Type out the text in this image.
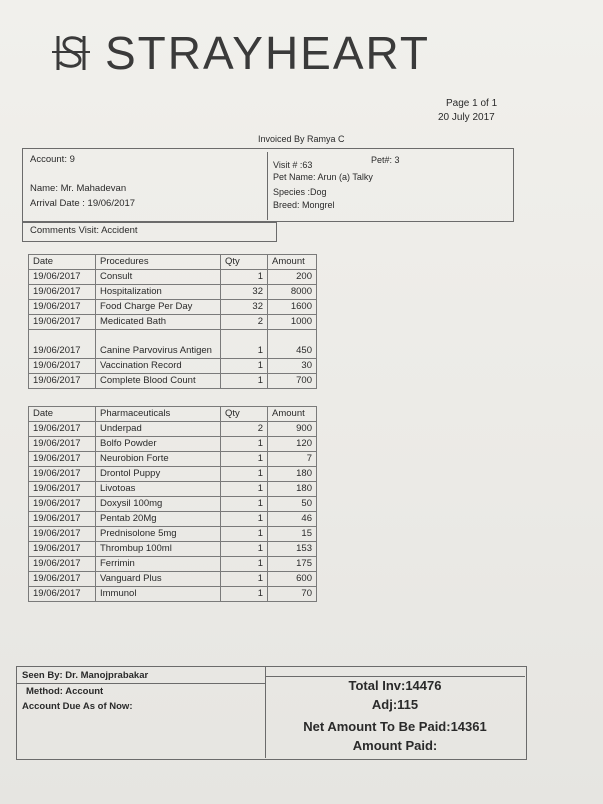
STRAYHEART
Page 1 of 1
20 July 2017
Invoiced By Ramya C
Account: 9
Name: Mr. Mahadevan
Arrival Date : 19/06/2017
Visit # :63	Pet#: 3
Pet Name: Arun (a) Talky
Species :Dog
Breed: Mongrel
Comments Visit: Accident
Date	Procedures	Qty	Amount
19/06/2017	Consult	1	200
19/06/2017	Hospitalization	32	8000
19/06/2017	Food Charge Per Day	32	1600
19/06/2017	Medicated Bath	2	1000
19/06/2017	Canine Parvovirus Antigen	1	450
19/06/2017	Vaccination Record	1	30
19/06/2017	Complete Blood Count	1	700
Date	Pharmaceuticals	Qty	Amount
19/06/2017	Underpad	2	900
19/06/2017	Bolfo Powder	1	120
19/06/2017	Neurobion Forte	1	7
19/06/2017	Drontol Puppy	1	180
19/06/2017	Livotoas	1	180
19/06/2017	Doxysil 100mg	1	50
19/06/2017	Pentab 20Mg	1	46
19/06/2017	Prednisolone 5mg	1	15
19/06/2017	Thrombup 100ml	1	153
19/06/2017	Ferrimin	1	175
19/06/2017	Vanguard Plus	1	600
19/06/2017	Immunol	1	70
Seen By: Dr. Manojprabakar
Method: Account
Account Due As of Now:
Total Inv:14476
Adj:115
Net Amount To Be Paid:14361
Amount Paid:
